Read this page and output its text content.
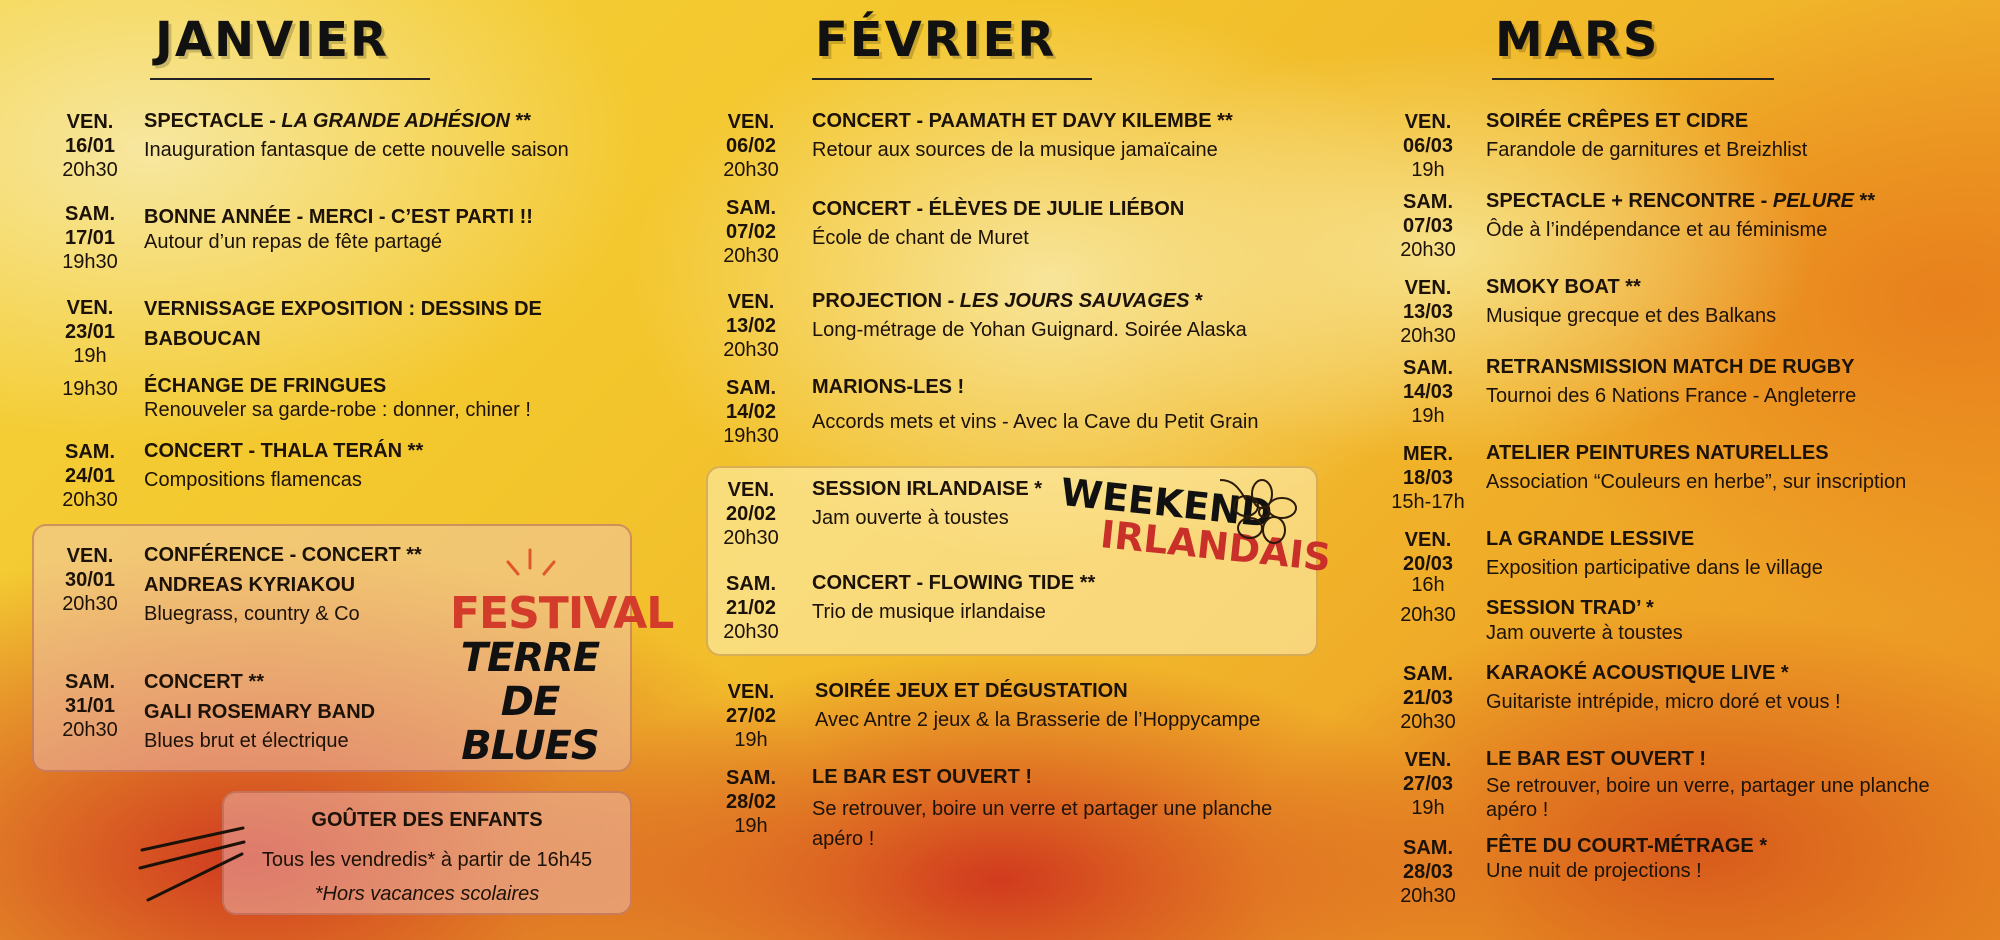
JANVIER	FÉVRIER	MARS
VEN.
16/01
20h30
SPECTACLE - LA GRANDE ADHÉSION **
Inauguration fantasque de cette nouvelle saison
SAM.
17/01
19h30
BONNE ANNÉE - MERCI - C’EST PARTI !!
Autour d’un repas de fête partagé
VEN.
23/01
19h
VERNISSAGE EXPOSITION : DESSINS DE BABOUCAN
19h30	ÉCHANGE DE FRINGUES
Renouveler sa garde-robe : donner, chiner !
SAM.
24/01
20h30
CONCERT - THALA TERÁN **
Compositions flamencas
VEN.
30/01
20h30
CONFÉRENCE - CONCERT **
ANDREAS KYRIAKOU
Bluegrass, country & Co
SAM.
31/01
20h30
CONCERT **
GALI ROSEMARY BAND
Blues brut et électrique
FESTIVAL
TERRE DE
BLUES
GOÛTER DES ENFANTS
Tous les vendredis* à partir de 16h45
*Hors vacances scolaires
VEN.
06/02
20h30
CONCERT - PAAMATH ET DAVY KILEMBE **
Retour aux sources de la musique jamaïcaine
SAM.
07/02
20h30
CONCERT - ÉLÈVES DE JULIE LIÉBON
École de chant de Muret
VEN.
13/02
20h30
PROJECTION - LES JOURS SAUVAGES *
Long-métrage de Yohan Guignard. Soirée Alaska
SAM.
14/02
19h30
MARIONS-LES !
Accords mets et vins - Avec la Cave du Petit Grain
VEN.
20/02
20h30
SESSION IRLANDAISE *
Jam ouverte à toustes
SAM.
21/02
20h30
CONCERT - FLOWING TIDE **
Trio de musique irlandaise
WEEKEND
IRLANDAIS
VEN.
27/02
19h
SOIRÉE JEUX ET DÉGUSTATION
Avec Antre 2 jeux & la Brasserie de l’Hoppycampe
SAM.
28/02
19h
LE BAR EST OUVERT !
Se retrouver, boire un verre et partager une planche apéro !
VEN.
06/03
19h
SOIRÉE CRÊPES ET CIDRE
Farandole de garnitures et Breizhlist
SAM.
07/03
20h30
SPECTACLE + RENCONTRE - PELURE **
Ôde à l’indépendance et au féminisme
VEN.
13/03
20h30
SMOKY BOAT **
Musique grecque et des Balkans
SAM.
14/03
19h
RETRANSMISSION MATCH DE RUGBY
Tournoi des 6 Nations France - Angleterre
MER.
18/03
15h-17h
ATELIER PEINTURES NATURELLES
Association “Couleurs en herbe”, sur inscription
VEN.
20/03
16h
LA GRANDE LESSIVE
Exposition participative dans le village
20h30	SESSION TRAD’ *
Jam ouverte à toustes
SAM.
21/03
20h30
KARAOKÉ ACOUSTIQUE LIVE *
Guitariste intrépide, micro doré et vous !
VEN.
27/03
19h
LE BAR EST OUVERT !
Se retrouver, boire un verre, partager une planche apéro !
SAM.
28/03
20h30
FÊTE DU COURT-MÉTRAGE *
Une nuit de projections !
